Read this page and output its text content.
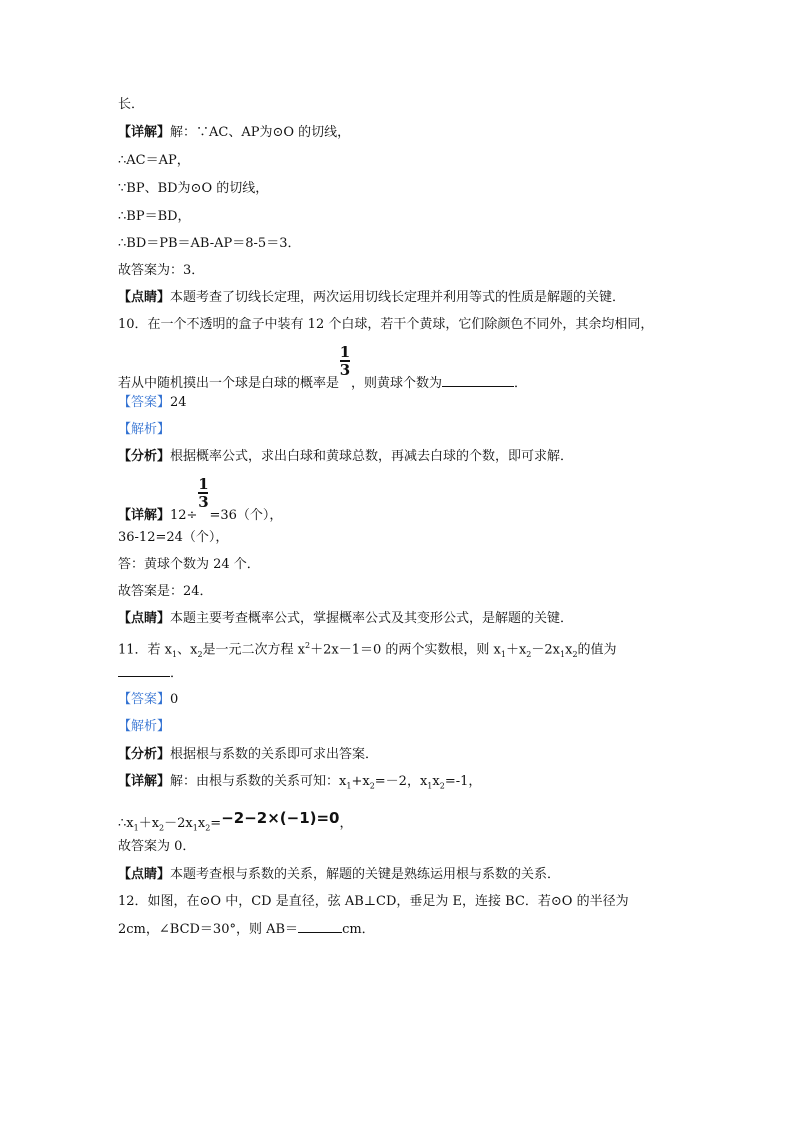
长．
【详解】解：∵AC、AP为⊙O 的切线，
∴AC＝AP，
∵BP、BD为⊙O 的切线，
∴BP＝BD，
∴BD＝PB＝AB-AP＝8-5＝3．
故答案为：3．
【点睛】本题考查了切线长定理，两次运用切线长定理并利用等式的性质是解题的关键．
10．在一个不透明的盒子中装有 12 个白球，若干个黄球，它们除颜色不同外，其余均相同，
若从中随机摸出一个球是白球的概率是
$\frac{1}{3}$
，则黄球个数为	．
【答案】24
【解析】
【分析】根据概率公式，求出白球和黄球总数，再减去白球的个数，即可求解．
【详解】12÷
$\frac{1}{3}$
=36（个），
36-12=24（个），
答：黄球个数为 24 个．
故答案是：24．
【点睛】本题主要考查概率公式，掌握概率公式及其变形公式，是解题的关键．
11．若 $x_1$、$x_2$是一元二次方程 $x^2+2x-1=0$ 的两个实数根，则 $x_1+x_2-2x_1x_2$的值为
．
【答案】0
【解析】
【分析】根据根与系数的关系即可求出答案．
【详解】解：由根与系数的关系可知：$x_1+x_2=-2$，$x_1x_2=-1$，
$\therefore x_1+x_2-2x_1x_2=-2-2\times(-1)=0$，
故答案为 0．
【点睛】本题考查根与系数的关系，解题的关键是熟练运用根与系数的关系．
12．如图，在⊙O 中，CD 是直径，弦 AB⊥CD，垂足为 E，连接 BC．若⊙O 的半径为
2cm，∠BCD＝30°，则 AB＝	cm．
